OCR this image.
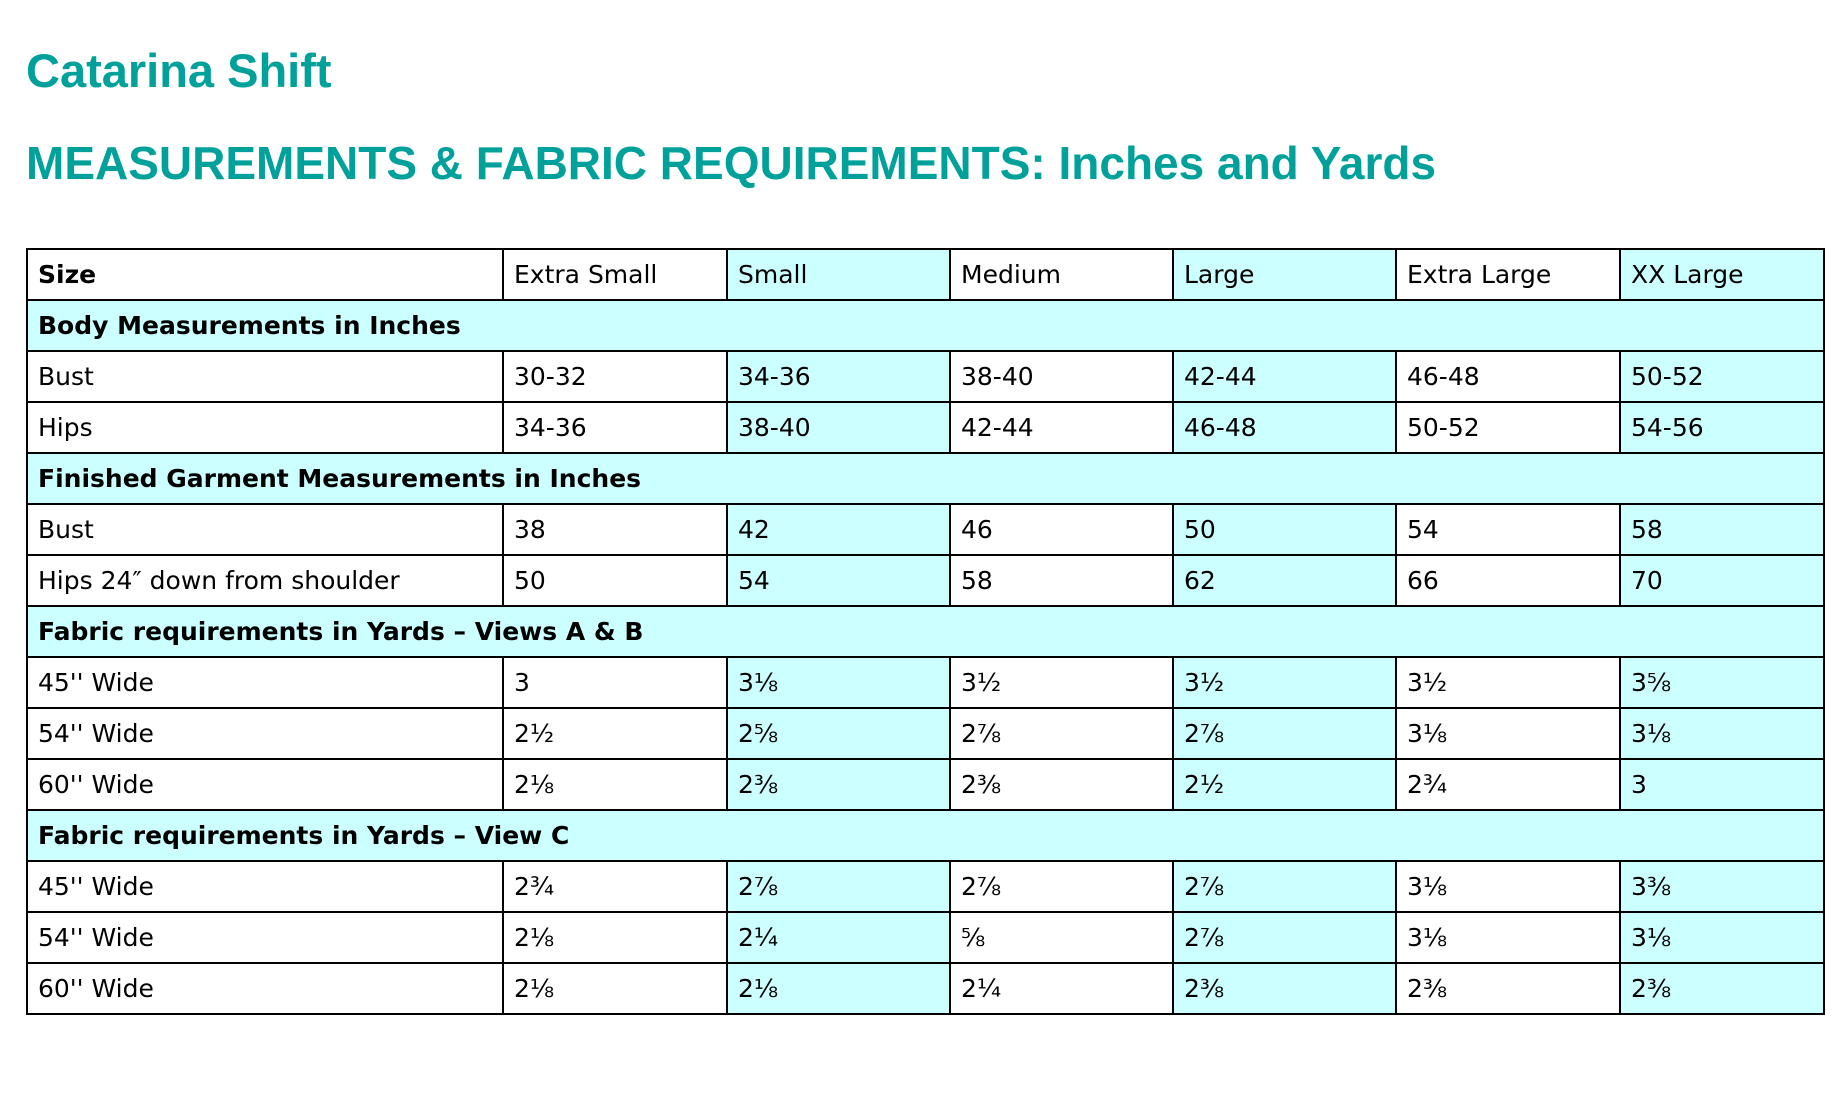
Catarina Shift
MEASUREMENTS & FABRIC REQUIREMENTS: Inches and Yards
Size	Extra Small	Small	Medium	Large	Extra Large	XX Large
Body Measurements in Inches						
Bust	30-32	34-36	38-40	42-44	46-48	50-52
Hips	34-36	38-40	42-44	46-48	50-52	54-56
Finished Garment Measurements in Inches						
Bust	38	42	46	50	54	58
Hips 24″ down from shoulder	50	54	58	62	66	70
Fabric requirements in Yards – Views A & B						
45'' Wide	3	3⅛	3½	3½	3½	3⅝
54'' Wide	2½	2⅝	2⅞	2⅞	3⅛	3⅛
60'' Wide	2⅛	2⅜	2⅜	2½	2¾	3
Fabric requirements in Yards – View C						
45'' Wide	2¾	2⅞	2⅞	2⅞	3⅛	3⅜
54'' Wide	2⅛	2¼	⅝	2⅞	3⅛	3⅛
60'' Wide	2⅛	2⅛	2¼	2⅜	2⅜	2⅜
